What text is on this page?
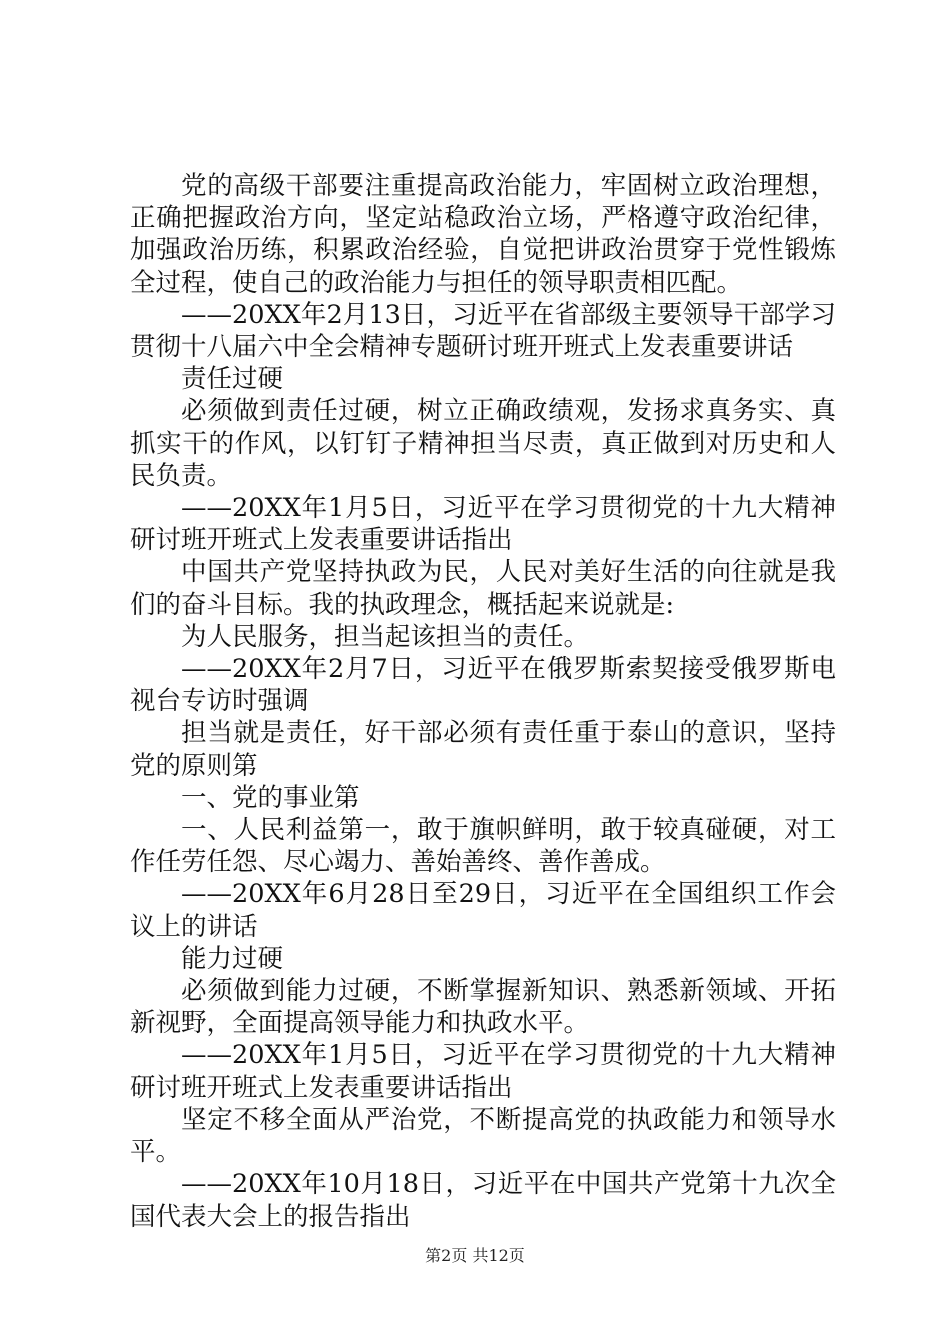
党的高级干部要注重提高政治能力，牢固树立政治理想，正确把握政治方向，坚定站稳政治立场，严格遵守政治纪律，加强政治历练，积累政治经验，自觉把讲政治贯穿于党性锻炼全过程，使自己的政治能力与担任的领导职责相匹配。

——20XX年2月13日，习近平在省部级主要领导干部学习贯彻十八届六中全会精神专题研讨班开班式上发表重要讲话

责任过硬

必须做到责任过硬，树立正确政绩观，发扬求真务实、真抓实干的作风，以钉钉子精神担当尽责，真正做到对历史和人民负责。

——20XX年1月5日，习近平在学习贯彻党的十九大精神研讨班开班式上发表重要讲话指出

中国共产党坚持执政为民，人民对美好生活的向往就是我们的奋斗目标。我的执政理念，概括起来说就是:

为人民服务，担当起该担当的责任。

——20XX年2月7日，习近平在俄罗斯索契接受俄罗斯电视台专访时强调

担当就是责任，好干部必须有责任重于泰山的意识，坚持党的原则第

一、党的事业第

一、人民利益第一，敢于旗帜鲜明，敢于较真碰硬，对工作任劳任怨、尽心竭力、善始善终、善作善成。

——20XX年6月28日至29日，习近平在全国组织工作会议上的讲话

能力过硬

必须做到能力过硬，不断掌握新知识、熟悉新领域、开拓新视野，全面提高领导能力和执政水平。

——20XX年1月5日，习近平在学习贯彻党的十九大精神研讨班开班式上发表重要讲话指出

坚定不移全面从严治党，不断提高党的执政能力和领导水平。

——20XX年10月18日，习近平在中国共产党第十九次全国代表大会上的报告指出

第2页 共12页
